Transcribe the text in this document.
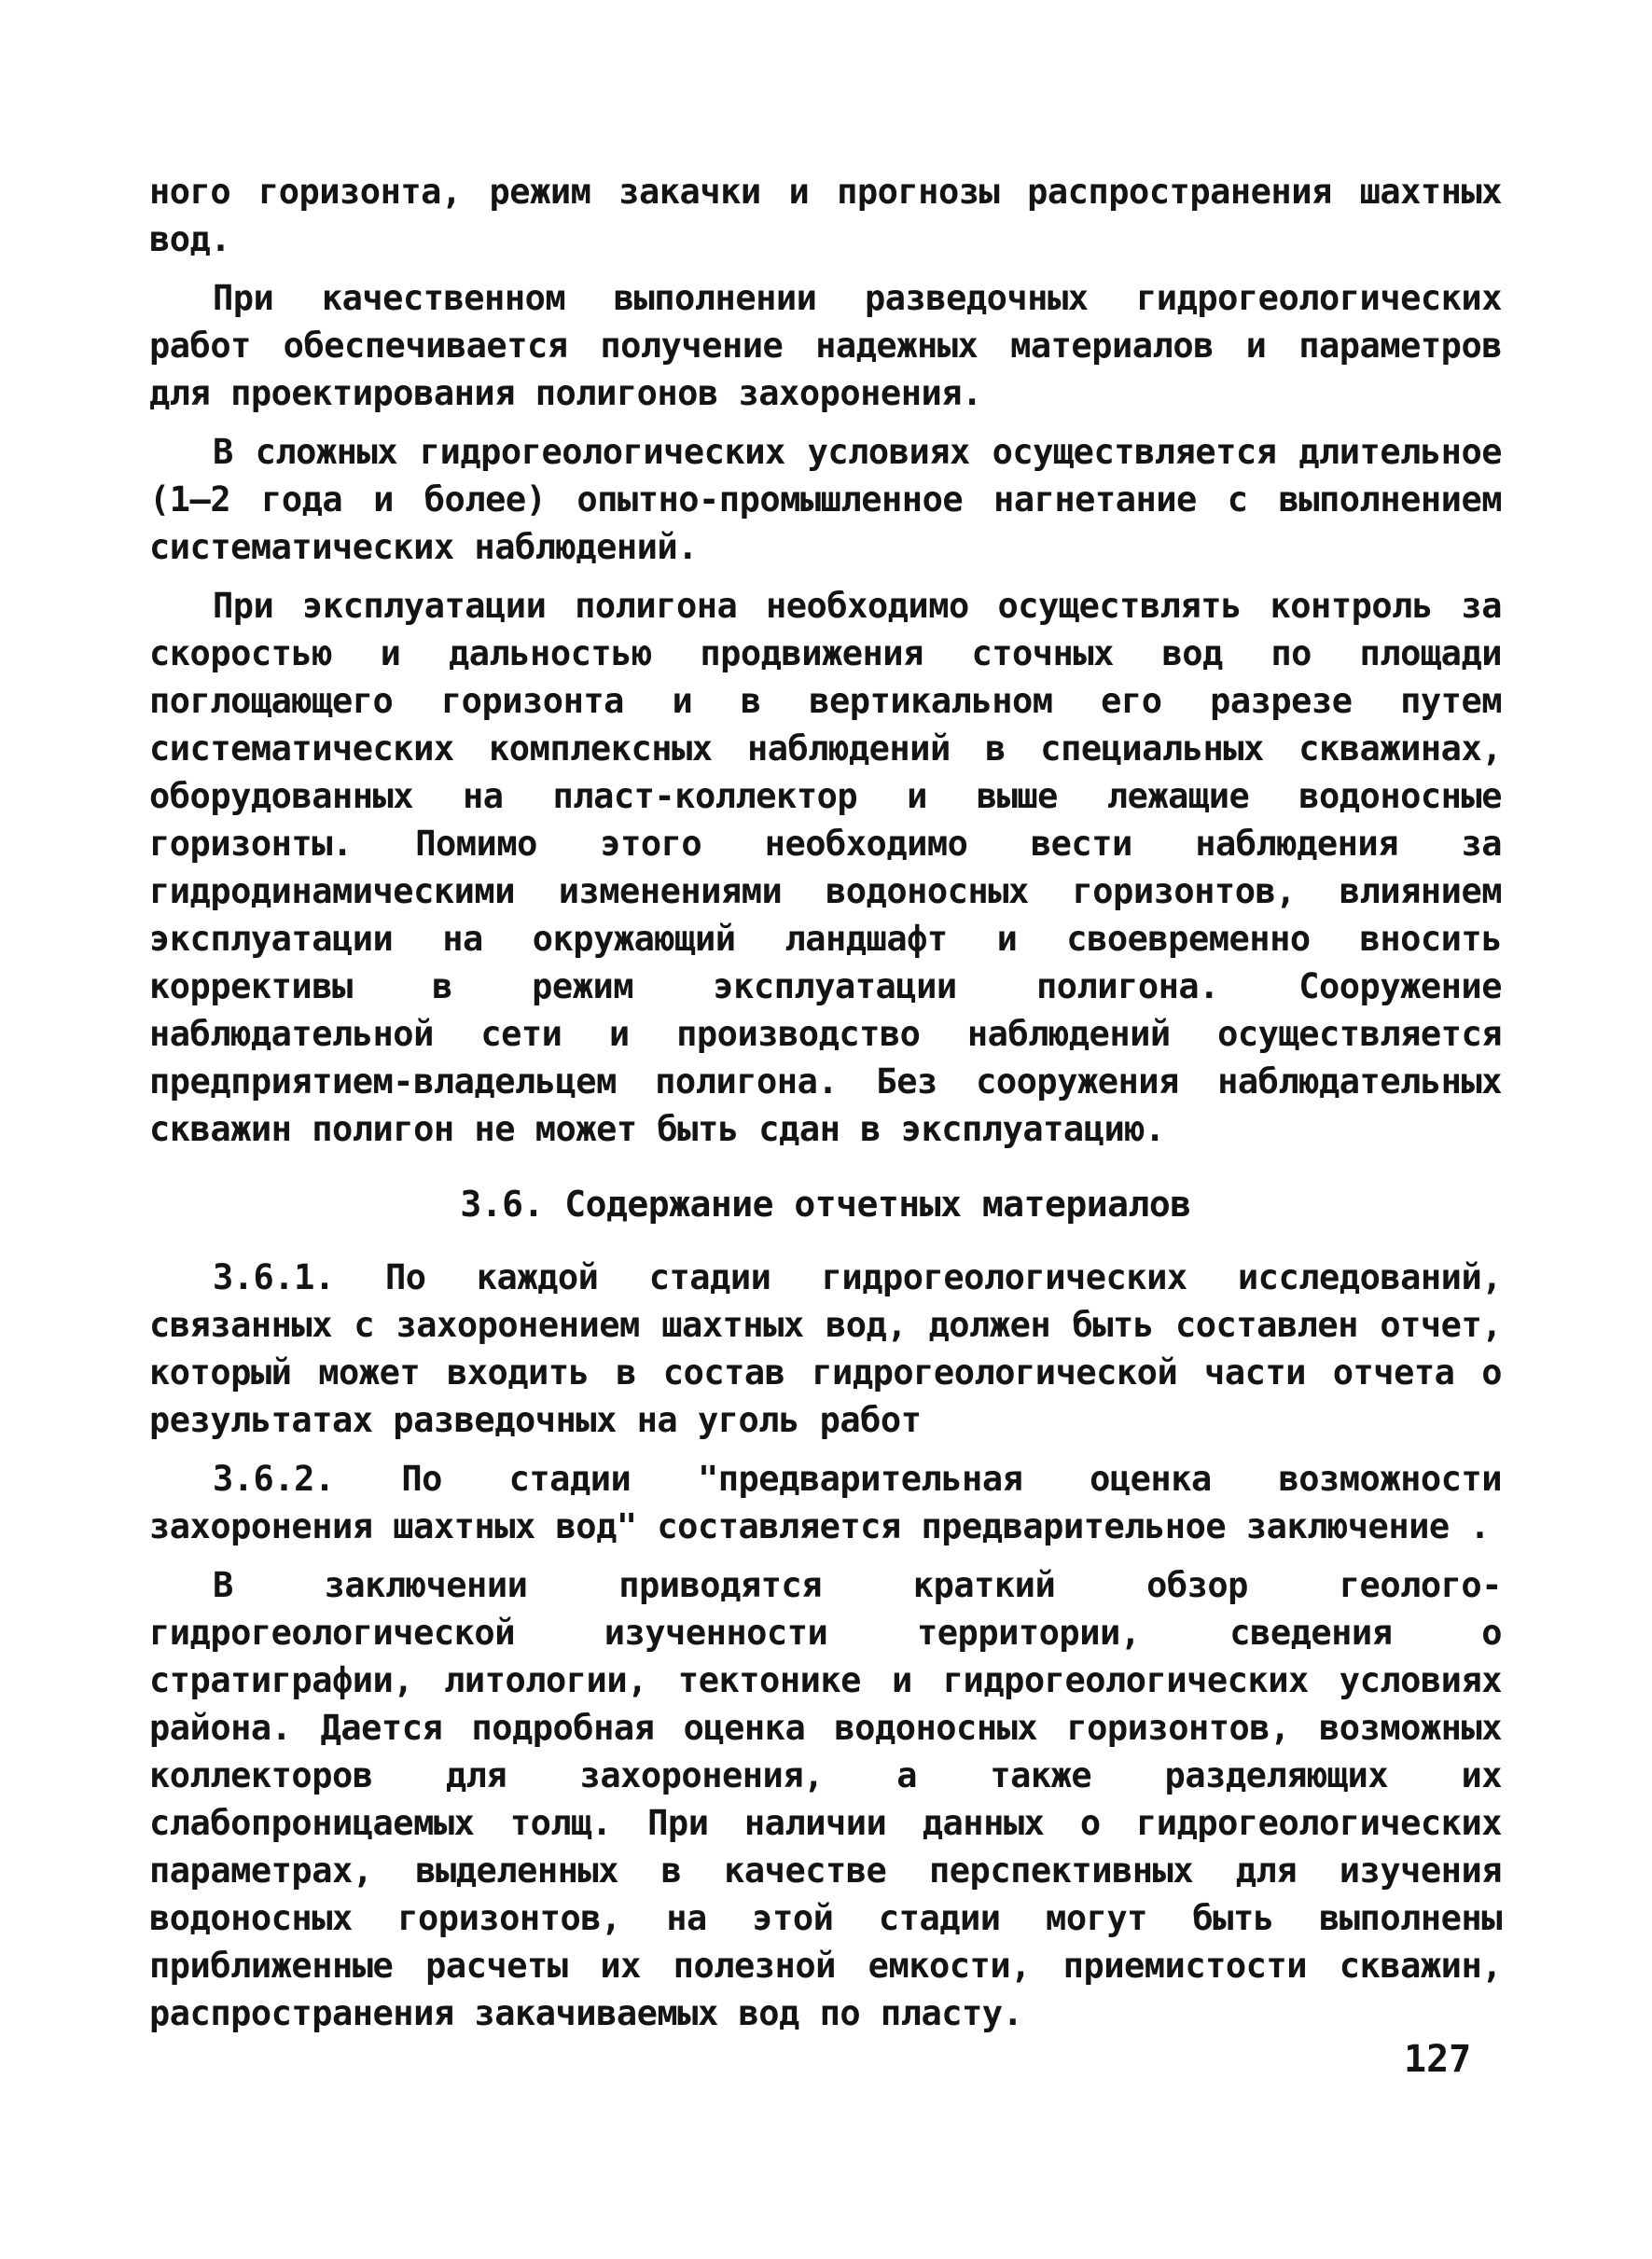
ного горизонта, режим закачки и прогнозы распространения шахтных вод.

При качественном выполнении разведочных гидрогеологических работ обеспечивается получение надежных материалов и параметров для проектирования полигонов захоронения.

В сложных гидрогеологических условиях осуществляется длительное (1–2 года и более) опытно-промышленное нагнетание с выполнением систематических наблюдений.

При эксплуатации полигона необходимо осуществлять контроль за скоростью и дальностью продвижения сточных вод по площади поглощающего горизонта и в вертикальном его разрезе путем систематических комплексных наблюдений в специальных скважинах, оборудованных на пласт-коллектор и выше лежащие водоносные горизонты. Помимо этого необходимо вести наблюдения за гидродинамическими изменениями водоносных горизонтов, влиянием эксплуатации на окружающий ландшафт и своевременно вносить коррективы в режим эксплуатации полигона. Сооружение наблюдательной сети и производство наблюдений осуществляется предприятием-владельцем полигона. Без сооружения наблюдательных скважин полигон не может быть сдан в эксплуатацию.

3.6. Содержание отчетных материалов

3.6.1. По каждой стадии гидрогеологических исследований, связанных с захоронением шахтных вод, должен быть составлен отчет, который может входить в состав гидрогеологической части отчета о результатах разведочных на уголь работ

3.6.2. По стадии "предварительная оценка возможности захоронения шахтных вод" составляется предварительное заключение .

В заключении приводятся краткий обзор геолого-гидрогеологической изученности территории, сведения о стратиграфии, литологии, тектонике и гидрогеологических условиях района. Дается подробная оценка водоносных горизонтов, возможных коллекторов для захоронения, а также разделяющих их слабопроницаемых толщ. При наличии данных о гидрогеологических параметрах, выделенных в качестве перспективных для изучения водоносных горизонтов, на этой стадии могут быть выполнены приближенные расчеты их полезной емкости, приемистости скважин, распространения закачиваемых вод по пласту.

127
